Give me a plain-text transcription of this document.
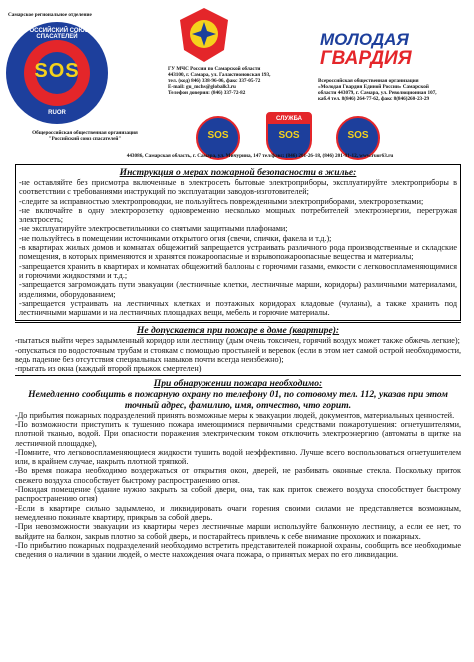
Самарское региональное отделение
РОССИЙСКИЙ СОЮЗ СПАСАТЕЛЕЙ
SOS
RUOR
Общероссийская общественная организация
"Российский союз спасателей"
ГУ МЧС России по Самарской области
443100, г. Самара, ул. Галактионовская 193,
тел. (код) 846) 338-96-06, факс 337-05-72
E-mail: gu_mchs@globalk3.ru
Телефон доверия: (846) 337-72-82
МОЛОДАЯ
ГВАРДИЯ
Всероссийская общественная организация
«Молодая Гвардия Единой России» Самарской
области 443079, г. Самара, ул. Революционная 107,
каб.4 тел. 8(846) 264-77-62, факс 8(846)260-23-29
SOS
СЛУЖБА
SOS	SOS
443086, Самарская область, г. Самара, ул. Мичурина, 147 тел/факс: (846) 201-26-18, (846) 201-91-12, www.ruor63.ru

Инструкция о мерах пожарной безопасности в жилье:

-не оставляйте без присмотра включенные в электросеть бытовые электроприборы, эксплуатируйте электроприборы в соответствии с требованиями инструкций по эксплуатации заводов-изготовителей;

-следите за исправностью электропроводки, не пользуйтесь поврежденными электроприборами, электророзетками;

-не включайте в одну электророзетку одновременно несколько мощных потребителей электроэнергии, перегружая электросеть;

-не эксплуатируйте электросветильники со снятыми защитными плафонами;

-не пользуйтесь в помещении источниками открытого огня (свечи, спички, факела и т.д.);

-в квартирах жилых домов и комнатах общежитий запрещается устраивать различного рода производственные и складские помещения, в которых применяются и хранятся пожароопасные и взрывопожароопасные вещества и материалы;

-запрещается хранить в квартирах и комнатах общежитий баллоны с горючими газами, емкости с легковоспламеняющимися и горючими жидкостями и т.д.;

-запрещается загромождать пути эвакуации (лестничные клетки, лестничные марши, коридоры) различными материалами, изделиями, оборудованием;

-запрещается устраивать на лестничных клетках и поэтажных коридорах кладовые (чуланы), а также хранить под лестничными маршами и на лестничных площадках вещи, мебель и горючие материалы.

Не допускается при пожаре в доме (квартире):

-пытаться выйти через задымленный коридор или лестницу (дым очень токсичен, горячий воздух может также обжечь легкие);

-опускаться по водосточным трубам и стоякам с помощью простыней и веревок (если в этом нет самой острой необходимости, ведь падение без отсутствия специальных навыков почти всегда неизбежно);

-прыгать из окна (каждый второй прыжок смертелен)

При обнаружении пожара необходимо:

Немедленно сообщить в пожарную охрану по телефону 01, по сотовому тел. 112, указав при этом точный адрес, фамилию, имя, отчество, что горит.

-До прибытия пожарных подразделений принять возможные меры к эвакуации людей, документов, материальных ценностей.

-По возможности приступить к тушению пожара имеющимися первичными средствами пожаротушения: огнетушителями, плотной тканью, водой. При опасности поражения электрическим током отключить электроэнергию (автоматы в щитке на лестничной площадке),

-Помните, что легковоспламеняющиеся жидкости тушить водой неэффективно. Лучше всего воспользоваться огнетушителем или, в крайнем случае, накрыть плотной тряпкой.

-Во время пожара необходимо воздержаться от открытия окон, дверей, не разбивать оконные стекла. Поскольку приток свежего воздуха способствует быстрому распространению огня.

-Покидая помещение (здание нужно закрыть за собой двери, она, так как приток свежего воздуха способствует быстрому распространению огня)

-Если в квартире сильно задымлено, и ликвидировать очаги горения своими силами не представляется возможным, немедленно покиньте квартиру, прикрыв за собой дверь.

-При невозможности эвакуации из квартиры через лестничные марши используйте балконную лестницу, а если ее нет, то выйдите на балкон, закрыв плотно за собой дверь, и постарайтесь привлечь к себе внимание прохожих и пожарных.

-По прибытию пожарных подразделений необходимо встретить представителей пожарной охраны, сообщить все необходимые сведения о наличии в здании людей, о месте нахождения очага пожара, о принятых мерах по его ликвидации.
